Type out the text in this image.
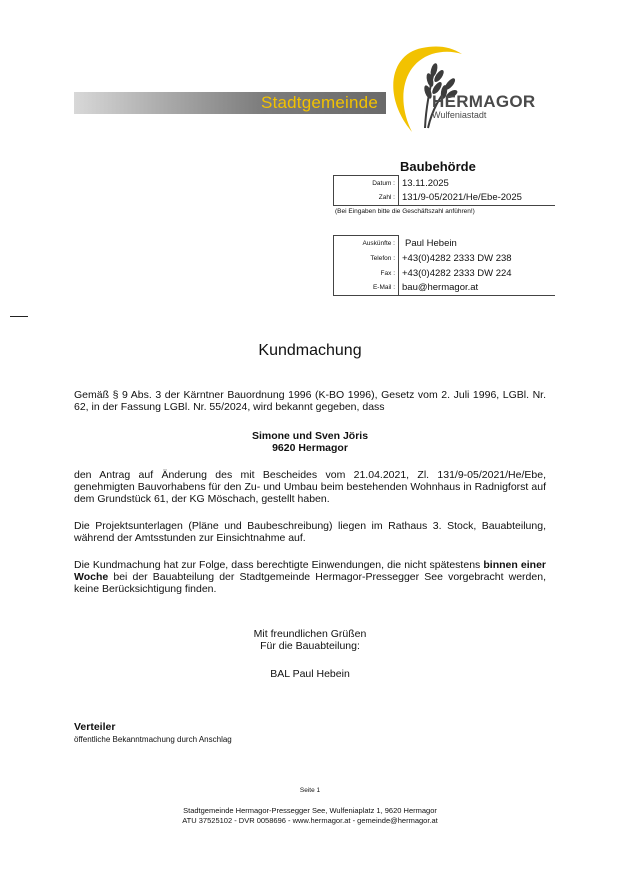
Stadtgemeinde	HERMAGOR
Wulfeniastadt
Baubehörde
Datum :	13.11.2025
Zahl :	131/9-05/2021/He/Ebe-2025
(Bei Eingaben bitte die Geschäftszahl anführen!)
Auskünfte :	Paul Hebein
Telefon :	+43(0)4282 2333 DW 238
Fax :	+43(0)4282 2333 DW 224
E-Mail :	bau@hermagor.at
Kundmachung
Gemäß § 9 Abs. 3 der Kärntner Bauordnung 1996 (K-BO 1996), Gesetz vom 2. Juli 1996, LGBl. Nr. 62, in der Fassung LGBl. Nr. 55/2024, wird bekannt gegeben, dass
Simone und Sven Jöris
9620 Hermagor
den Antrag auf Änderung des mit Bescheides vom 21.04.2021, Zl. 131/9-05/2021/He/Ebe, genehmigten Bauvorhabens für den Zu- und Umbau beim bestehenden Wohnhaus in Radnigforst auf dem Grundstück 61, der KG Möschach, gestellt haben.
Die Projektsunterlagen (Pläne und Baubeschreibung) liegen im Rathaus 3. Stock, Bauabteilung, während der Amtsstunden zur Einsichtnahme auf.
Die Kundmachung hat zur Folge, dass berechtigte Einwendungen, die nicht spätestens binnen einer Woche bei der Bauabteilung der Stadtgemeinde Hermagor-Pressegger See vorgebracht werden, keine Berücksichtigung finden.
Mit freundlichen Grüßen
Für die Bauabteilung:
BAL Paul Hebein
Verteiler
öffentliche Bekanntmachung durch Anschlag
Seite 1
Stadtgemeinde Hermagor-Pressegger See, Wulfeniaplatz 1, 9620 Hermagor
ATU 37525102 - DVR 0058696 - www.hermagor.at - gemeinde@hermagor.at
